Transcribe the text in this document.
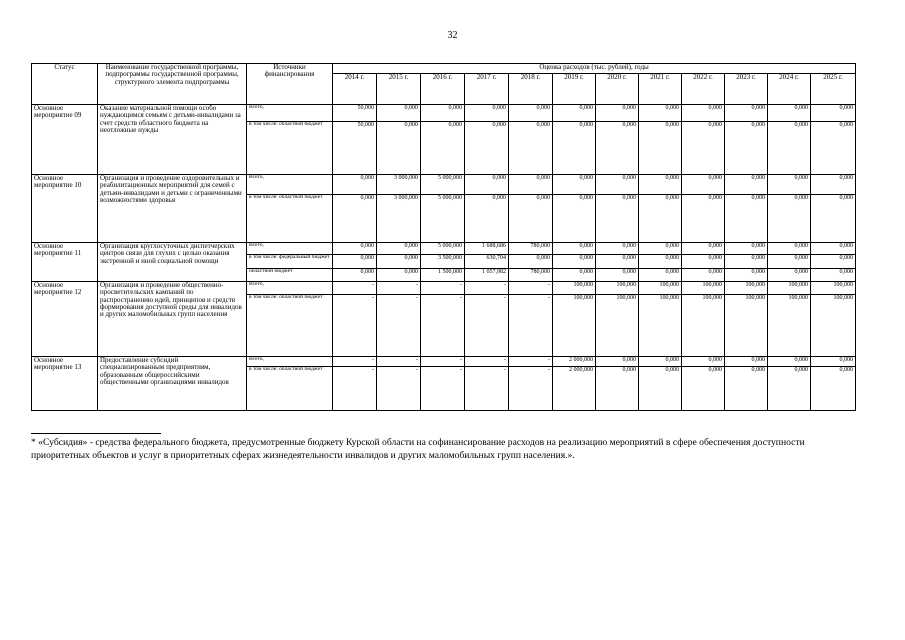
32
Статус	Наименование государственной программы, подпрограммы государственной программы, структурного элемента подпрограммы	Источники финансирования	Оценка расходов (тыс. рублей), годы											
			2014 г.	2015 г.	2016 г.	2017 г.	2018 г.	2019 г.	2020 г.	2021 г.	2022 г.	2023 г.	2024 г.	2025 г.
Основное мероприятие 09	Оказание материальной помощи особо нуждающимся семьям с детьми-инвалидами за счет средств областного бюджета на неотложные нужды	Всего,	50,000	0,000	0,000	0,000	0,000	0,000	0,000	0,000	0,000	0,000	0,000	0,000
		в том числе: областной бюджет	50,000	0,000	0,000	0,000	0,000	0,000	0,000	0,000	0,000	0,000	0,000	0,000
Основное мероприятие 10	Организация и проведение оздоровительных и реабилитационных мероприятий для семей с детьми-инвалидами и детьми с ограниченными возможностями здоровья	Всего,	0,000	3 000,000	5 000,000	0,000	0,000	0,000	0,000	0,000	0,000	0,000	0,000	0,000
		в том числе: областной бюджет	0,000	3 000,000	5 000,000	0,000	0,000	0,000	0,000	0,000	0,000	0,000	0,000	0,000
Основное мероприятие 11	Организация круглосуточных диспетчерских центров связи для глухих с целью оказания экстренной и иной социальной помощи	Всего,	0,000	0,000	5 000,000	1 688,686	780,000	0,000	0,000	0,000	0,000	0,000	0,000	0,000
		в том числе: федеральный бюджет	0,000	0,000	3 500,000	630,704	0,000	0,000	0,000	0,000	0,000	0,000	0,000	0,000
		областной бюджет	0,000	0,000	1 500,000	1 057,982	780,000	0,000	0,000	0,000	0,000	0,000	0,000	0,000
Основное мероприятие 12	Организация и проведение общественно-просветительских кампаний по распространению идей, принципов и средств формирования доступной среды для инвалидов и других маломобильных групп населения	Всего,	-	-	-	-	-	100,000	100,000	100,000	100,000	100,000	100,000	100,000
		в том числе: областной бюджет	-	-	-	-	-	100,000	100,000	100,000	100,000	100,000	100,000	100,000
Основное мероприятие 13	Предоставление субсидий специализированным предприятиям, образованным общероссийскими общественными организациями инвалидов	Всего,	-	-	-	-	-	2 000,000	0,000	0,000	0,000	0,000	0,000	0,000
		в том числе: областной бюджет	-	-	-	-	-	2 000,000	0,000	0,000	0,000	0,000	0,000	0,000
* «Субсидия» - средства федерального бюджета, предусмотренные бюджету Курской области на софинансирование расходов на реализацию мероприятий в сфере обеспечения доступности приоритетных объектов и услуг в приоритетных сферах жизнедеятельности инвалидов и других маломобильных групп населения.».
